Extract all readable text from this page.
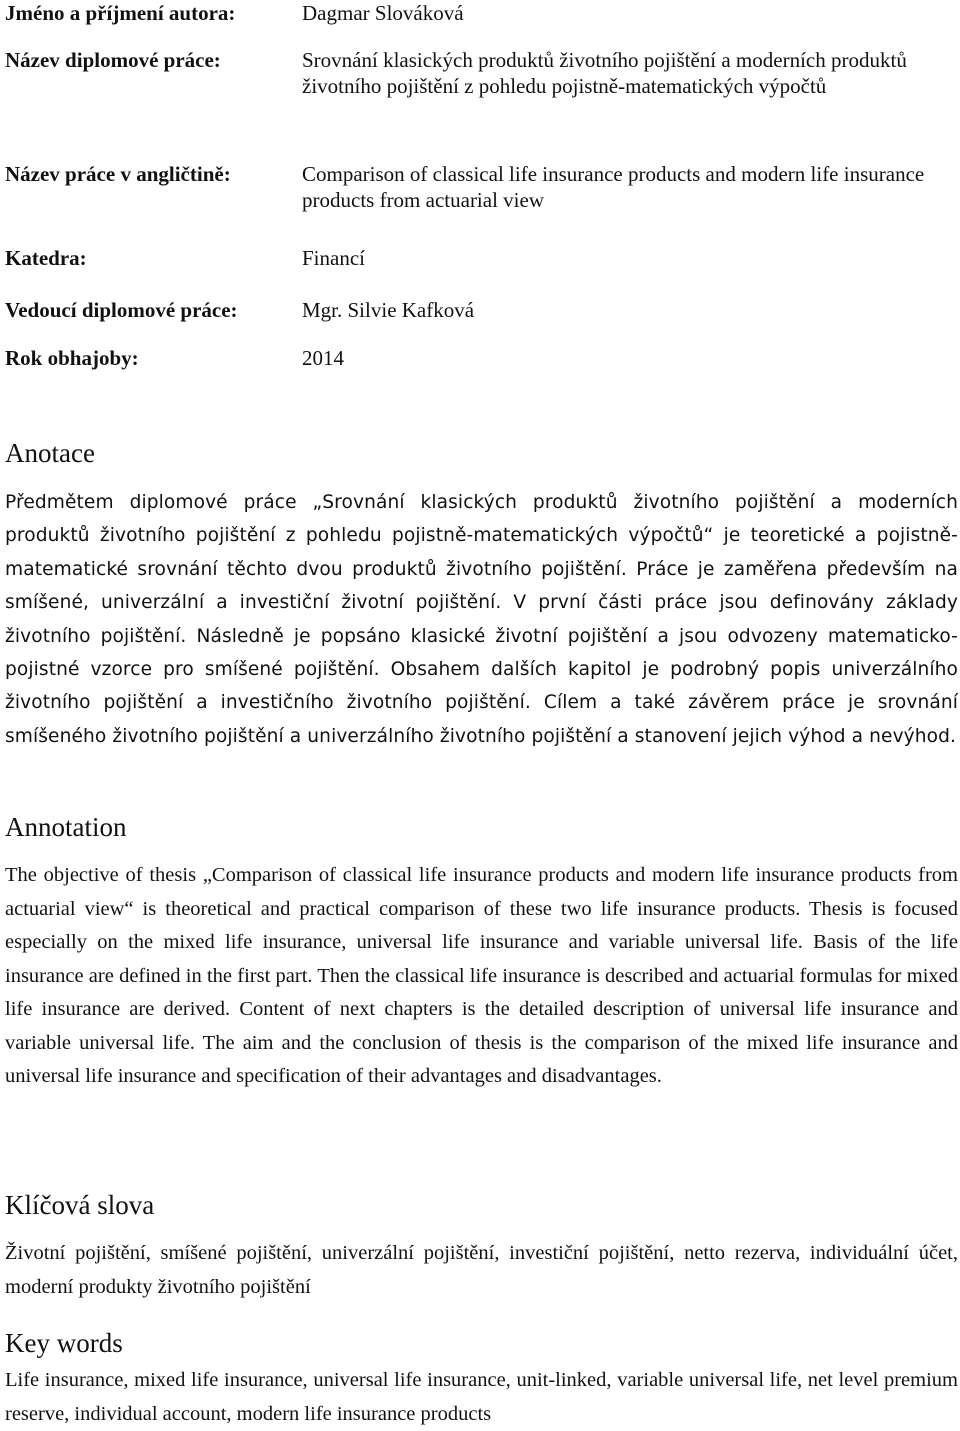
Jméno a příjmení autora:	Dagmar Slováková
Název diplomové práce:	Srovnání klasických produktů životního pojištění a moderních produktů životního pojištění z pohledu pojistně-matematických výpočtů
Název práce v angličtině:	Comparison of classical life insurance products and modern life insurance products from actuarial view
Katedra:	Financí
Vedoucí diplomové práce:	Mgr. Silvie Kafková
Rok obhajoby:	2014
Anotace

Předmětem diplomové práce „Srovnání klasických produktů životního pojištění a moderních produktů životního pojištění z pohledu pojistně-matematických výpočtů“ je teoretické a pojistně-matematické srovnání těchto dvou produktů životního pojištění. Práce je zaměřena především na smíšené, univerzální a investiční životní pojištění. V první části práce jsou definovány základy životního pojištění. Následně je popsáno klasické životní pojištění a jsou odvozeny matematicko-pojistné vzorce pro smíšené pojištění. Obsahem dalších kapitol je podrobný popis univerzálního životního pojištění a investičního životního pojištění. Cílem a také závěrem práce je srovnání smíšeného životního pojištění a univerzálního životního pojištění a stanovení jejich výhod a nevýhod.

Annotation

The objective of thesis „Comparison of classical life insurance products and modern life insurance products from actuarial view“ is theoretical and practical comparison of these two life insurance products. Thesis is focused especially on the mixed life insurance, universal life insurance and variable universal life. Basis of the life insurance are defined in the first part. Then the classical life insurance is described and actuarial formulas for mixed life insurance are derived. Content of next chapters is the detailed description of universal life insurance and variable universal life. The aim and the conclusion of thesis is the comparison of the mixed life insurance and universal life insurance and specification of their advantages and disadvantages.

Klíčová slova

Životní pojištění, smíšené pojištění, univerzální pojištění, investiční pojištění, netto rezerva, individuální účet, moderní produkty životního pojištění

Key words

Life insurance, mixed life insurance, universal life insurance, unit-linked, variable universal life, net level premium reserve, individual account, modern life insurance products
